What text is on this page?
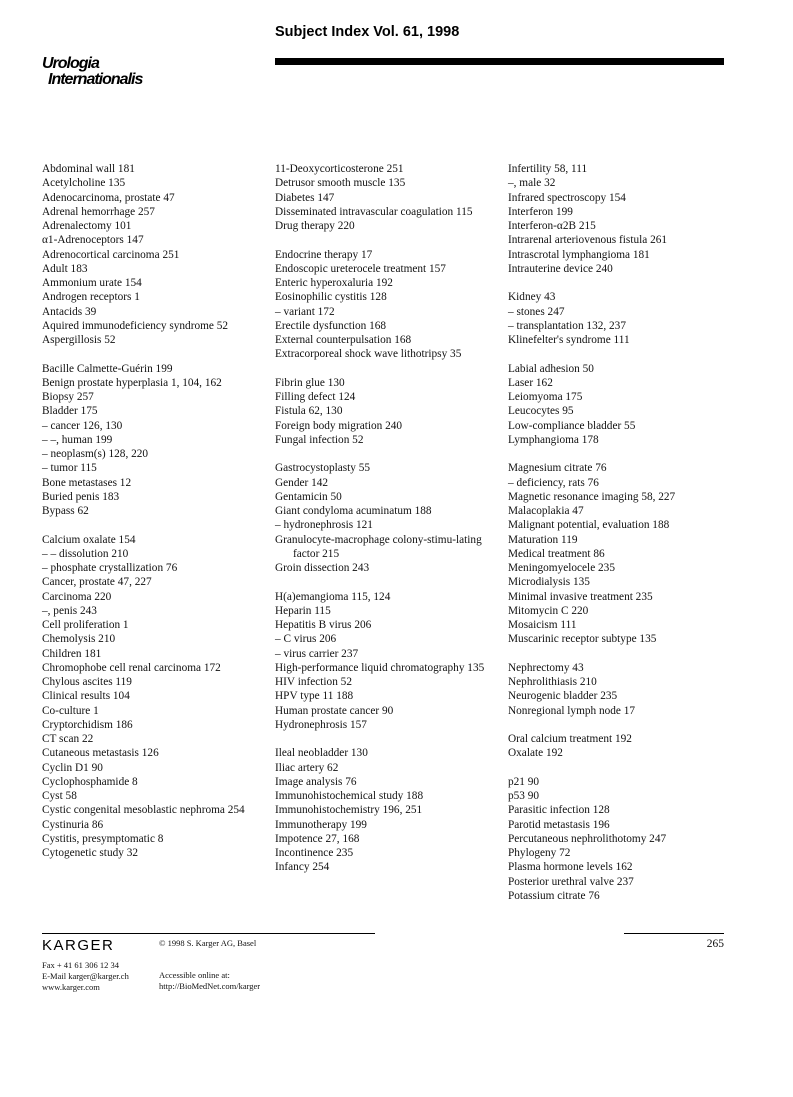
Subject Index Vol. 61, 1998
Urologia
Internationalis
Abdominal wall 181
Acetylcholine 135
Adenocarcinoma, prostate 47
Adrenal hemorrhage 257
Adrenalectomy 101
α1-Adrenoceptors 147
Adrenocortical carcinoma 251
Adult 183
Ammonium urate 154
Androgen receptors 1
Antacids 39
Aquired immunodeficiency syndrome 52
Aspergillosis 52
Bacille Calmette-Guérin 199
Benign prostate hyperplasia 1, 104, 162
Biopsy 257
Bladder 175
– cancer 126, 130
– –, human 199
– neoplasm(s) 128, 220
– tumor 115
Bone metastases 12
Buried penis 183
Bypass 62
Calcium oxalate 154
– – dissolution 210
– phosphate crystallization 76
Cancer, prostate 47, 227
Carcinoma 220
–, penis 243
Cell proliferation 1
Chemolysis 210
Children 181
Chromophobe cell renal carcinoma 172
Chylous ascites 119
Clinical results 104
Co-culture 1
Cryptorchidism 186
CT scan 22
Cutaneous metastasis 126
Cyclin D1 90
Cyclophosphamide 8
Cyst 58
Cystic congenital mesoblastic nephroma 254
Cystinuria 86
Cystitis, presymptomatic 8
Cytogenetic study 32
11-Deoxycorticosterone 251
Detrusor smooth muscle 135
Diabetes 147
Disseminated intravascular coagulation 115
Drug therapy 220
Endocrine therapy 17
Endoscopic ureterocele treatment 157
Enteric hyperoxaluria 192
Eosinophilic cystitis 128
– variant 172
Erectile dysfunction 168
External counterpulsation 168
Extracorporeal shock wave lithotripsy 35
Fibrin glue 130
Filling defect 124
Fistula 62, 130
Foreign body migration 240
Fungal infection 52
Gastrocystoplasty 55
Gender 142
Gentamicin 50
Giant condyloma acuminatum 188
– hydronephrosis 121
Granulocyte-macrophage colony-stimu-lating factor 215
Groin dissection 243
H(a)emangioma 115, 124
Heparin 115
Hepatitis B virus 206
– C virus 206
– virus carrier 237
High-performance liquid chromatography 135
HIV infection 52
HPV type 11 188
Human prostate cancer 90
Hydronephrosis 157
Ileal neobladder 130
Iliac artery 62
Image analysis 76
Immunohistochemical study 188
Immunohistochemistry 196, 251
Immunotherapy 199
Impotence 27, 168
Incontinence 235
Infancy 254
Infertility 58, 111
–, male 32
Infrared spectroscopy 154
Interferon 199
Interferon-α2B 215
Intrarenal arteriovenous fistula 261
Intrascrotal lymphangioma 181
Intrauterine device 240
Kidney 43
– stones 247
– transplantation 132, 237
Klinefelter's syndrome 111
Labial adhesion 50
Laser 162
Leiomyoma 175
Leucocytes 95
Low-compliance bladder 55
Lymphangioma 178
Magnesium citrate 76
– deficiency, rats 76
Magnetic resonance imaging 58, 227
Malacoplakia 47
Malignant potential, evaluation 188
Maturation 119
Medical treatment 86
Meningomyelocele 235
Microdialysis 135
Minimal invasive treatment 235
Mitomycin C 220
Mosaicism 111
Muscarinic receptor subtype 135
Nephrectomy 43
Nephrolithiasis 210
Neurogenic bladder 235
Nonregional lymph node 17
Oral calcium treatment 192
Oxalate 192
p21 90
p53 90
Parasitic infection 128
Parotid metastasis 196
Percutaneous nephrolithotomy 247
Phylogeny 72
Plasma hormone levels 162
Posterior urethral valve 237
Potassium citrate 76
KARGER	© 1998 S. Karger AG, Basel
Fax + 41 61 306 12 34
E-Mail karger@karger.ch
www.karger.com
Accessible online at:
http://BioMedNet.com/karger
265
